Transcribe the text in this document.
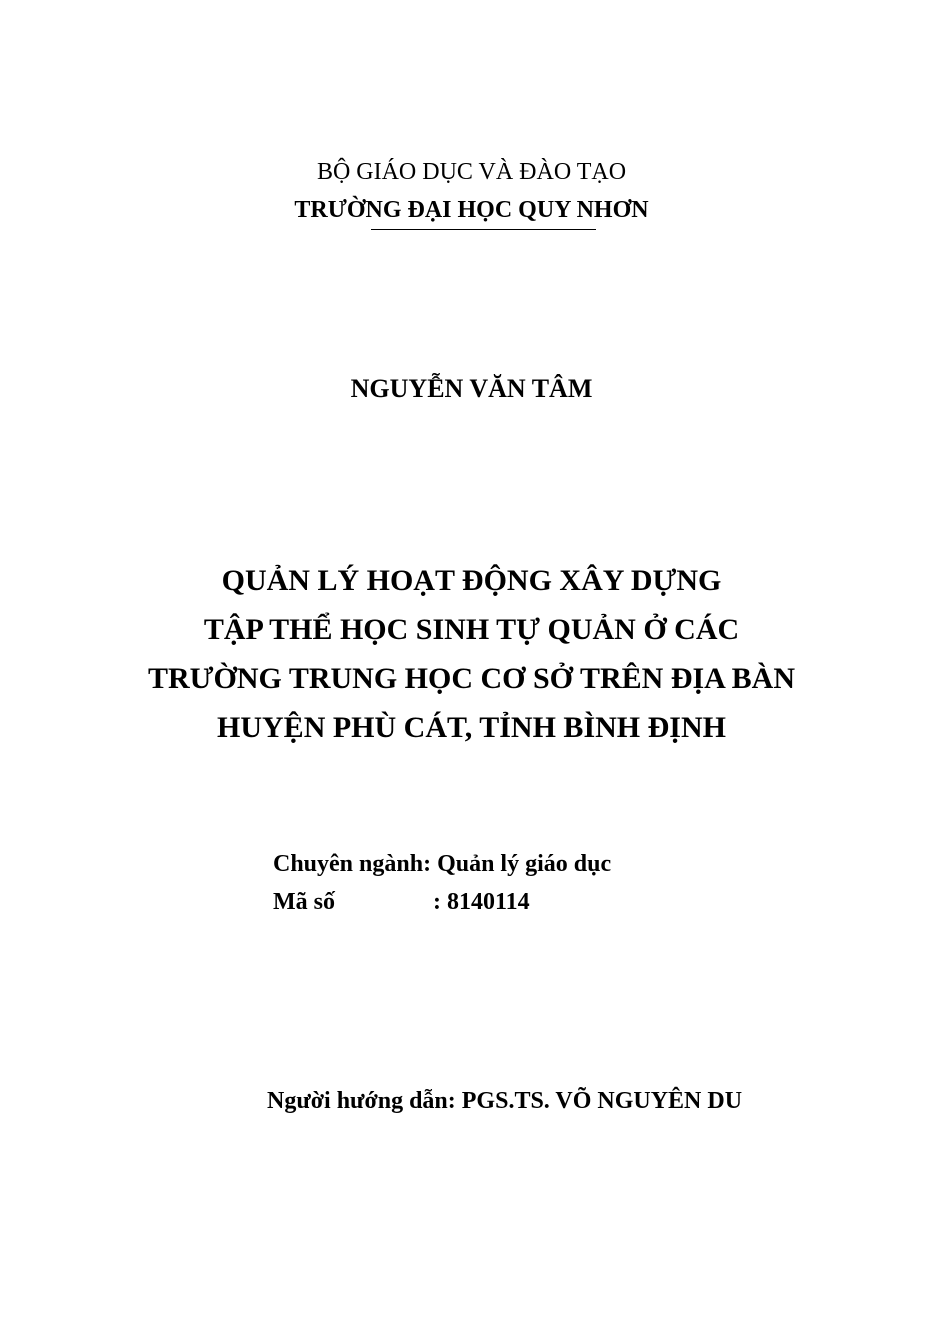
BỘ GIÁO DỤC VÀ ĐÀO TẠO
TRƯỜNG ĐẠI HỌC QUY NHƠN
NGUYỄN VĂN TÂM
QUẢN LÝ HOẠT ĐỘNG XÂY DỰNG
TẬP THỂ HỌC SINH TỰ QUẢN Ở CÁC
TRƯỜNG TRUNG HỌC CƠ SỞ TRÊN ĐỊA BÀN
HUYỆN PHÙ CÁT, TỈNH BÌNH ĐỊNH
Chuyên ngành: Quản lý giáo dục
Mã số	: 8140114
Người hướng dẫn: PGS.TS. VÕ NGUYÊN DU
